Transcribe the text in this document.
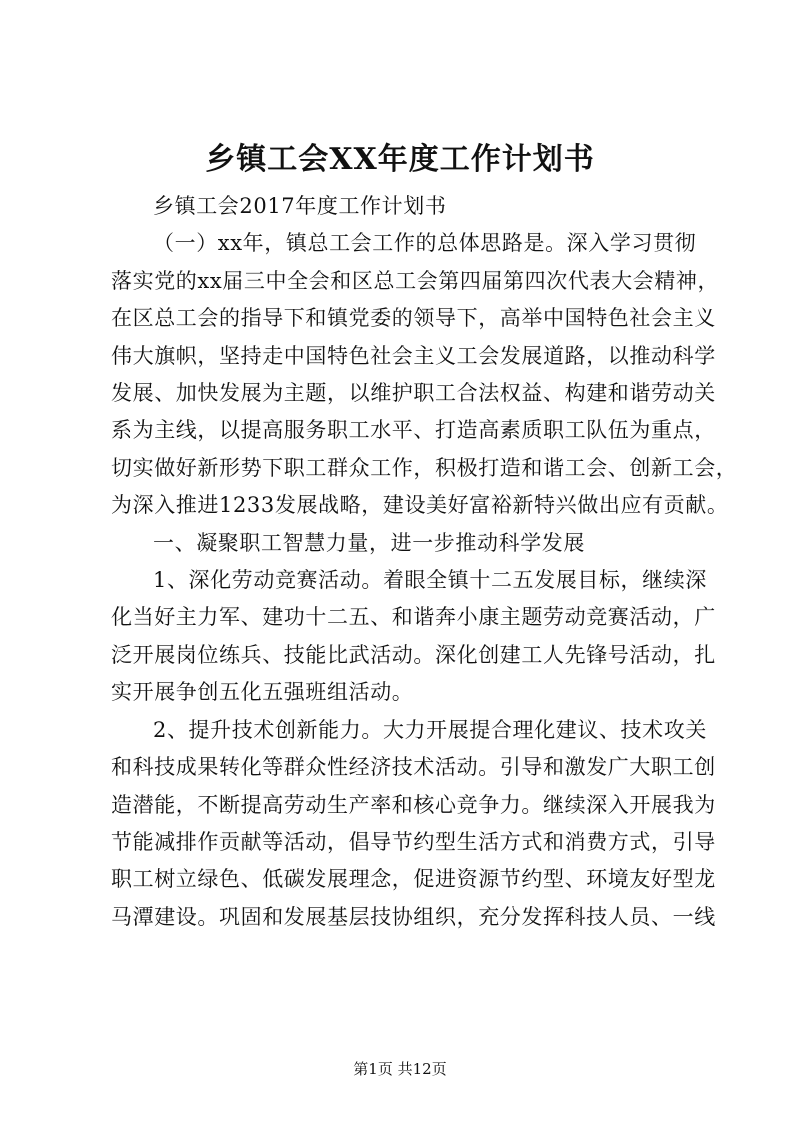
乡镇工会XX年度工作计划书

乡镇工会2017年度工作计划书

（一）xx年，镇总工会工作的总体思路是。深入学习贯彻

落实党的xx届三中全会和区总工会第四届第四次代表大会精神，

在区总工会的指导下和镇党委的领导下，高举中国特色社会主义

伟大旗帜，坚持走中国特色社会主义工会发展道路，以推动科学

发展、加快发展为主题，以维护职工合法权益、构建和谐劳动关

系为主线，以提高服务职工水平、打造高素质职工队伍为重点，

切实做好新形势下职工群众工作，积极打造和谐工会、创新工会，

为深入推进1233发展战略，建设美好富裕新特兴做出应有贡献。

一、凝聚职工智慧力量，进一步推动科学发展

1、深化劳动竞赛活动。着眼全镇十二五发展目标，继续深

化当好主力军、建功十二五、和谐奔小康主题劳动竞赛活动，广

泛开展岗位练兵、技能比武活动。深化创建工人先锋号活动，扎

实开展争创五化五强班组活动。

2、提升技术创新能力。大力开展提合理化建议、技术攻关

和科技成果转化等群众性经济技术活动。引导和激发广大职工创

造潜能，不断提高劳动生产率和核心竞争力。继续深入开展我为

节能减排作贡献等活动，倡导节约型生活方式和消费方式，引导

职工树立绿色、低碳发展理念，促进资源节约型、环境友好型龙

马潭建设。巩固和发展基层技协组织，充分发挥科技人员、一线

第1页 共12页
